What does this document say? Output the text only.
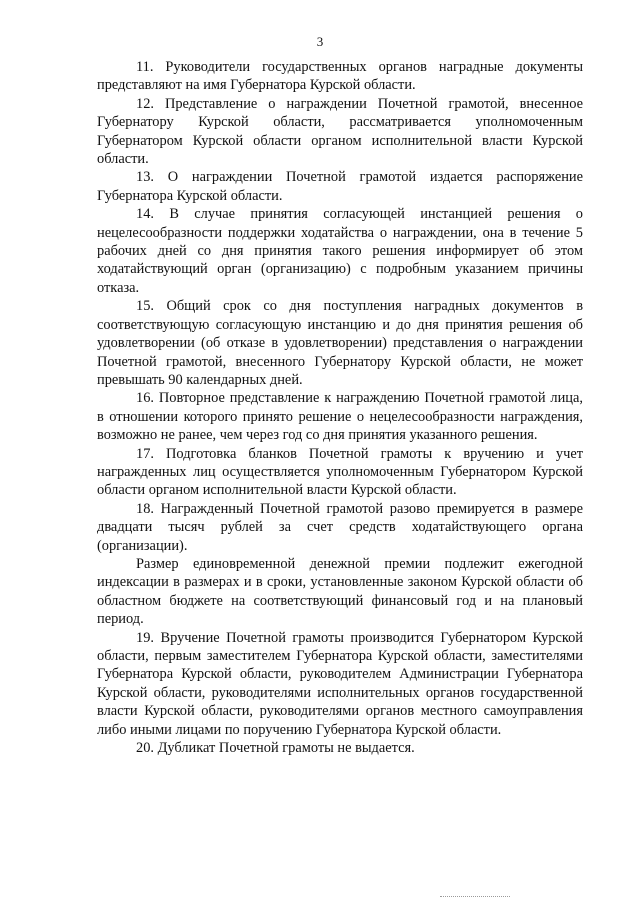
3

11. Руководители государственных органов наградные документы представляют на имя Губернатора Курской области.

12. Представление о награждении Почетной грамотой, внесенное Губернатору Курской области, рассматривается уполномоченным Губернатором Курской области органом исполнительной власти Курской области.

13. О награждении Почетной грамотой издается распоряжение Губернатора Курской области.

14. В случае принятия согласующей инстанцией решения о нецелесообразности поддержки ходатайства о награждении, она в течение 5 рабочих дней со дня принятия такого решения информирует об этом ходатайствующий орган (организацию) с подробным указанием причины отказа.

15. Общий срок со дня поступления наградных документов в соответствующую согласующую инстанцию и до дня принятия решения об удовлетворении (об отказе в удовлетворении) представления о награждении Почетной грамотой, внесенного Губернатору Курской области, не может превышать 90 календарных дней.

16. Повторное представление к награждению Почетной грамотой лица, в отношении которого принято решение о нецелесообразности награждения, возможно не ранее, чем через год со дня принятия указанного решения.

17. Подготовка бланков Почетной грамоты к вручению и учет награжденных лиц осуществляется уполномоченным Губернатором Курской области органом исполнительной власти Курской области.

18. Награжденный Почетной грамотой разово премируется в размере двадцати тысяч рублей за счет средств ходатайствующего органа (организации).

Размер единовременной денежной премии подлежит ежегодной индексации в размерах и в сроки, установленные законом Курской области об областном бюджете на соответствующий финансовый год и на плановый период.

19. Вручение Почетной грамоты производится Губернатором Курской области, первым заместителем Губернатора Курской области, заместителями Губернатора Курской области, руководителем Администрации Губернатора Курской области, руководителями исполнительных органов государственной власти Курской области, руководителями органов местного самоуправления либо иными лицами по поручению Губернатора Курской области.

20. Дубликат Почетной грамоты не выдается.
